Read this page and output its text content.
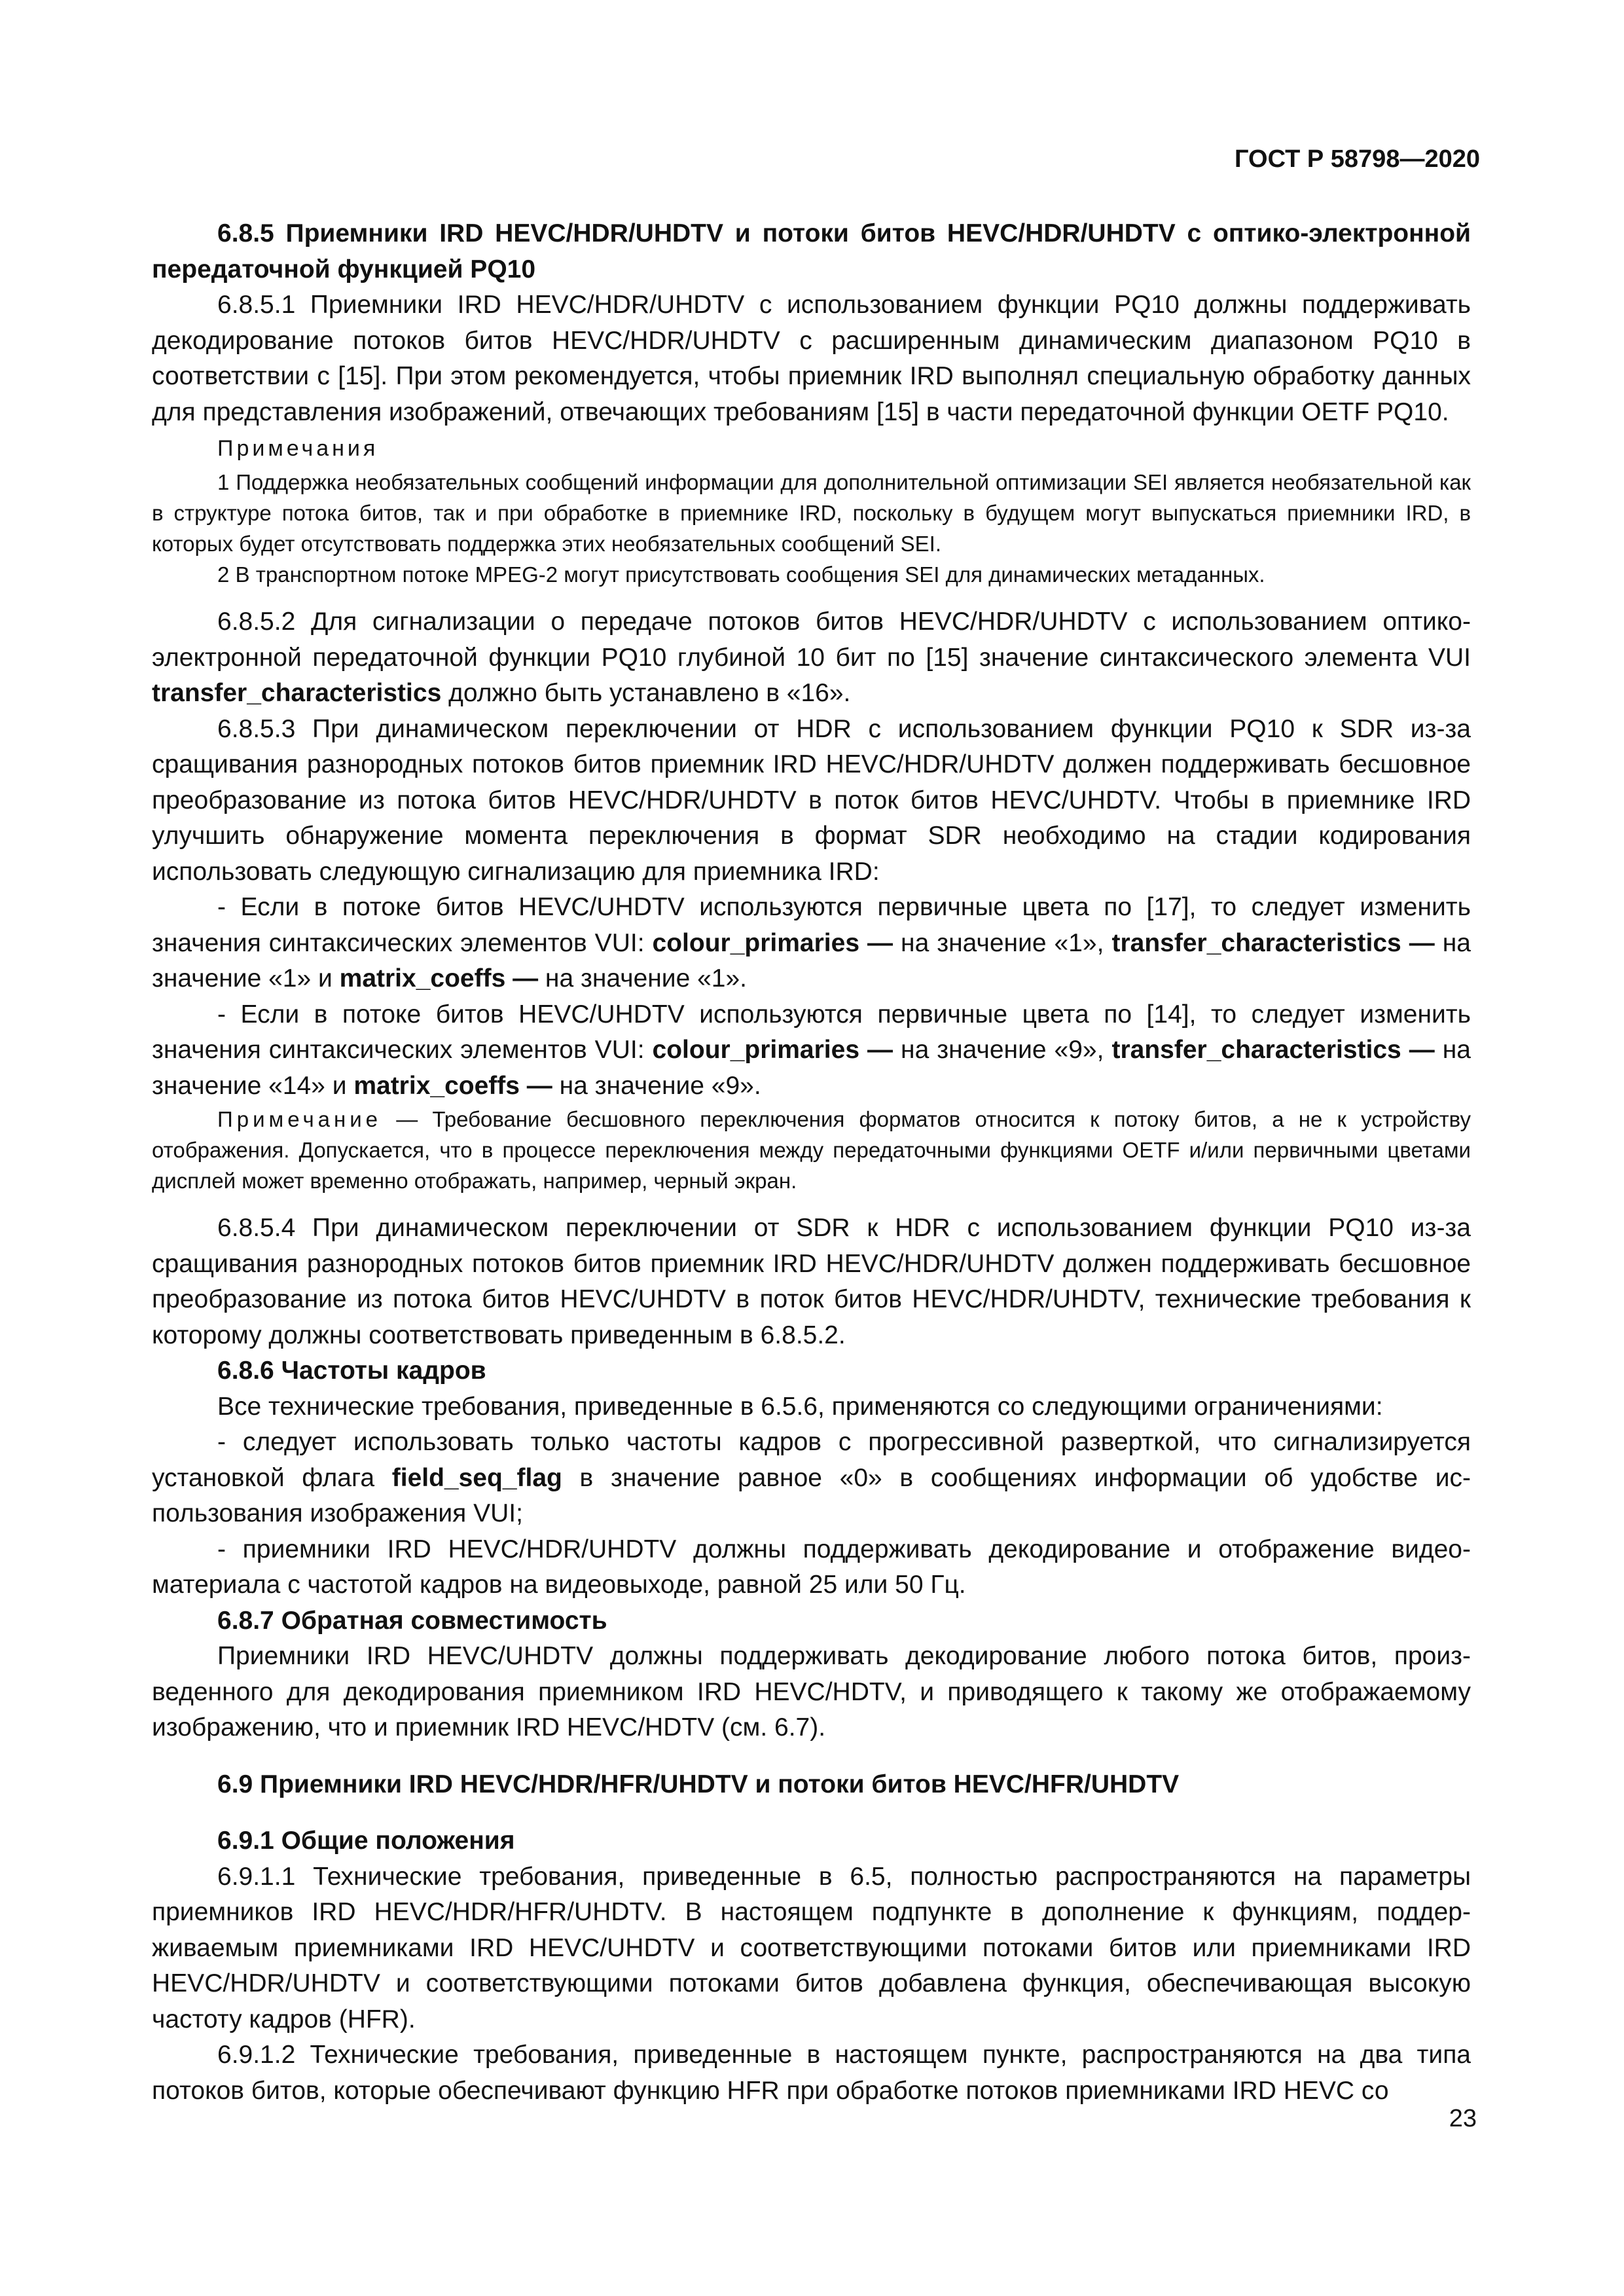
ГОСТ Р 58798—2020

6.8.5 Приемники IRD HEVC/HDR/UHDTV и потоки битов HEVC/HDR/UHDTV с оптико-электронной передаточной функцией PQ10

6.8.5.1 Приемники IRD HEVC/HDR/UHDTV с использованием функции PQ10 должны поддерживать декодирование потоков битов HEVC/HDR/UHDTV с расширенным динамическим диапазоном PQ10 в соответствии с [15]. При этом рекомендуется, чтобы приемник IRD выполнял специальную обработку данных для представления изображений, отвечающих требованиям [15] в части передаточной функции OETF PQ10.

Примечания

1 Поддержка необязательных сообщений информации для дополнительной оптимизации SEI является необязательной как в структуре потока битов, так и при обработке в приемнике IRD, поскольку в будущем могут выпускаться приемники IRD, в которых будет отсутствовать поддержка этих необязательных сообщений SEI.

2 В транспортном потоке MPEG-2 могут присутствовать сообщения SEI для динамических метаданных.

6.8.5.2 Для сигнализации о передаче потоков битов HEVC/HDR/UHDTV с использованием оптикоэлектронной передаточной функции PQ10 глубиной 10 бит по [15] значение синтаксического элемента VUI transfer_characteristics должно быть устанавлено в «16».

6.8.5.3 При динамическом переключении от HDR с использованием функции PQ10 к SDR из-за сращивания разнородных потоков битов приемник IRD HEVC/HDR/UHDTV должен поддерживать бесшовное преобразование из потока битов HEVC/HDR/UHDTV в поток битов HEVC/UHDTV. Чтобы в приемнике IRD улучшить обнаружение момента переключения в формат SDR необходимо на стадии кодирования использовать следующую сигнализацию для приемника IRD:

- Если в потоке битов HEVC/UHDTV используются первичные цвета по [17], то следует изменить значения синтаксических элементов VUI: colour_primaries — на значение «1», transfer_characteristics — на значение «1» и matrix_coeffs — на значение «1».

- Если в потоке битов HEVC/UHDTV используются первичные цвета по [14], то следует изменить значения синтаксических элементов VUI: colour_primaries — на значение «9», transfer_characteristics — на значение «14» и matrix_coeffs — на значение «9».

Примечание — Требование бесшовного переключения форматов относится к потоку битов, а не к устройству отображения. Допускается, что в процессе переключения между передаточными функциями OETF и/или первичными цветами дисплей может временно отображать, например, черный экран.

6.8.5.4 При динамическом переключении от SDR к HDR с использованием функции PQ10 из-за сращивания разнородных потоков битов приемник IRD HEVC/HDR/UHDTV должен поддерживать бесшовное преобразование из потока битов HEVC/UHDTV в поток битов HEVC/HDR/UHDTV, технические требования к которому должны соответствовать приведенным в 6.8.5.2.

6.8.6 Частоты кадров

Все технические требования, приведенные в 6.5.6, применяются со следующими ограничениями:

- следует использовать только частоты кадров с прогрессивной разверткой, что сигнализируется установкой флага field_seq_flag в значение равное «0» в сообщениях информации об удобстве использования изображения VUI;

- приемники IRD HEVC/HDR/UHDTV должны поддерживать декодирование и отображение видеоматериала с частотой кадров на видеовыходе, равной 25 или 50 Гц.

6.8.7 Обратная совместимость

Приемники IRD HEVC/UHDTV должны поддерживать декодирование любого потока битов, произведенного для декодирования приемником IRD HEVC/HDTV, и приводящего к такому же отображаемому изображению, что и приемник IRD HEVC/HDTV (см. 6.7).

6.9 Приемники IRD HEVC/HDR/HFR/UHDTV и потоки битов HEVC/HFR/UHDTV

6.9.1 Общие положения

6.9.1.1 Технические требования, приведенные в 6.5, полностью распространяются на параметры приемников IRD HEVC/HDR/HFR/UHDTV. В настоящем подпункте в дополнение к функциям, поддерживаемым приемниками IRD HEVC/UHDTV и соответствующими потоками битов или приемниками IRD HEVC/HDR/UHDTV и соответствующими потоками битов добавлена функция, обеспечивающая высокую частоту кадров (HFR).

6.9.1.2 Технические требования, приведенные в настоящем пункте, распространяются на два типа потоков битов, которые обеспечивают функцию HFR при обработке потоков приемниками IRD HEVC со

23
